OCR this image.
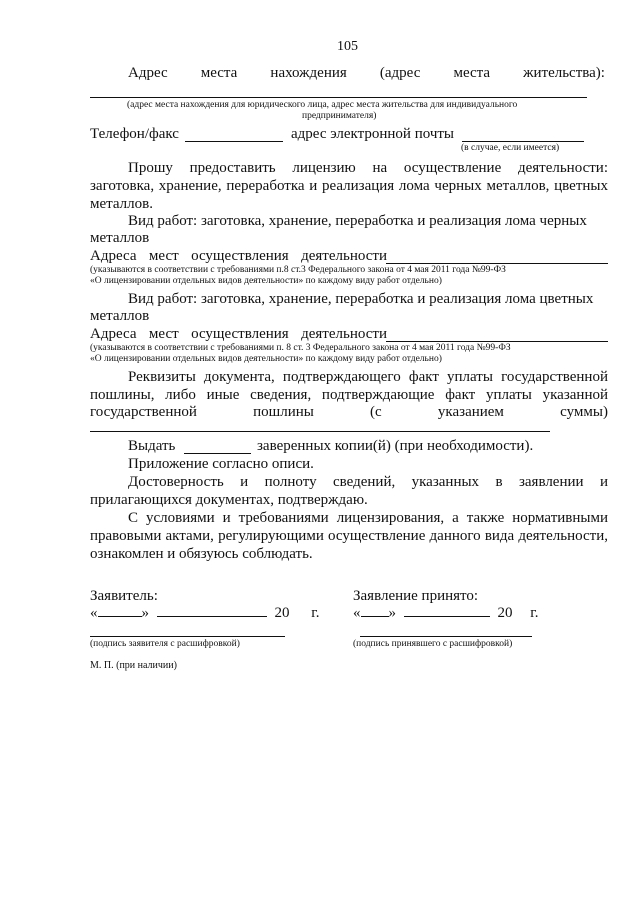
105
Адрес места нахождения (адрес места жительства):
(адрес места нахождения для юридического лица, адрес места жительства для индивидуального
предпринимателя)
Телефон/факс	адрес электронной почты
(в случае, если имеется)
Прошу предоставить лицензию на осуществление деятельности:
заготовка, хранение, переработка и реализация лома черных металлов, цветных
металлов.
Вид работ: заготовка, хранение, переработка и реализация лома черных
металлов
Адреса мест осуществления деятельности
(указываются в соответствии с требованиями п.8 ст.3 Федерального закона от 4 мая 2011 года №99-ФЗ
«О лицензировании отдельных видов деятельности» по каждому виду работ отдельно)
Вид работ: заготовка, хранение, переработка и реализация лома цветных
металлов
Адреса мест осуществления деятельности
(указываются в соответствии с требованиями п. 8 ст. 3 Федерального закона от 4 мая 2011 года №99-ФЗ
«О лицензировании отдельных видов деятельности» по каждому виду работ отдельно)
Реквизиты документа, подтверждающего факт уплаты государственной
пошлины, либо иные сведения, подтверждающие факт уплаты указанной
государственной	пошлины	(с	указанием	суммы)
Выдать	заверенных копии(й) (при необходимости).
Приложение согласно описи.
Достоверность и полноту сведений, указанных в заявлении и
прилагающихся документах, подтверждаю.
С условиями и требованиями лицензирования, а также нормативными
правовыми актами, регулирующими осуществление данного вида деятельности,
ознакомлен и обязуюсь соблюдать.
Заявитель:
«	»	20 г.
(подпись заявителя с расшифровкой)
М. П. (при наличии)
Заявление принято:
« »	20 г.
(подпись принявшего с расшифровкой)
